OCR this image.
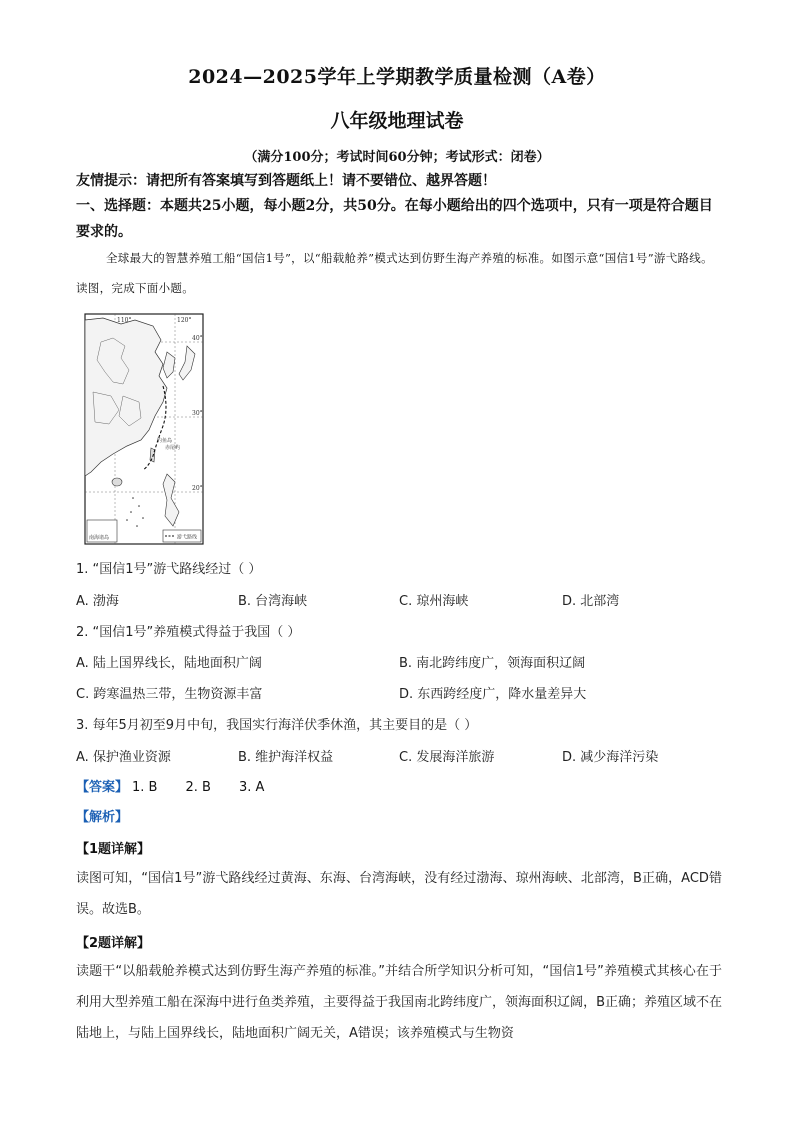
2024—2025学年上学期教学质量检测（A卷）
八年级地理试卷
（满分100分；考试时间60分钟；考试形式：闭卷）
友情提示：请把所有答案填写到答题纸上！请不要错位、越界答题！
一、选择题：本题共25小题，每小题2分，共50分。在每小题给出的四个选项中，只有一项是符合题目要求的。
全球最大的智慧养殖工船“国信1号”，以“船载舱养”模式达到仿野生海产养殖的标准。如图示意“国信1号”游弋路线。读图，完成下面小题。
110°	120°
40°
30°
20°
钓鱼岛
赤尾屿
南海诸岛	游弋路线
1. “国信1号”游弋路线经过（ ）
A. 渤海	B. 台湾海峡	C. 琼州海峡	D. 北部湾
2. “国信1号”养殖模式得益于我国（ ）
A. 陆上国界线长，陆地面积广阔	B. 南北跨纬度广，领海面积辽阔
C. 跨寒温热三带，生物资源丰富	D. 东西跨经度广，降水量差异大
3. 每年5月初至9月中旬，我国实行海洋伏季休渔，其主要目的是（ ）
A. 保护渔业资源	B. 维护海洋权益	C. 发展海洋旅游	D. 减少海洋污染
【答案】 1. B 2. B 3. A
【解析】
【1题详解】
读图可知，“国信1号”游弋路线经过黄海、东海、台湾海峡，没有经过渤海、琼州海峡、北部湾，B正确，ACD错误。故选B。
【2题详解】
读题干“以船载舱养模式达到仿野生海产养殖的标准。”并结合所学知识分析可知，“国信1号”养殖模式其核心在于利用大型养殖工船在深海中进行鱼类养殖，主要得益于我国南北跨纬度广，领海面积辽阔，B正确；养殖区域不在陆地上，与陆上国界线长，陆地面积广阔无关，A错误；该养殖模式与生物资
